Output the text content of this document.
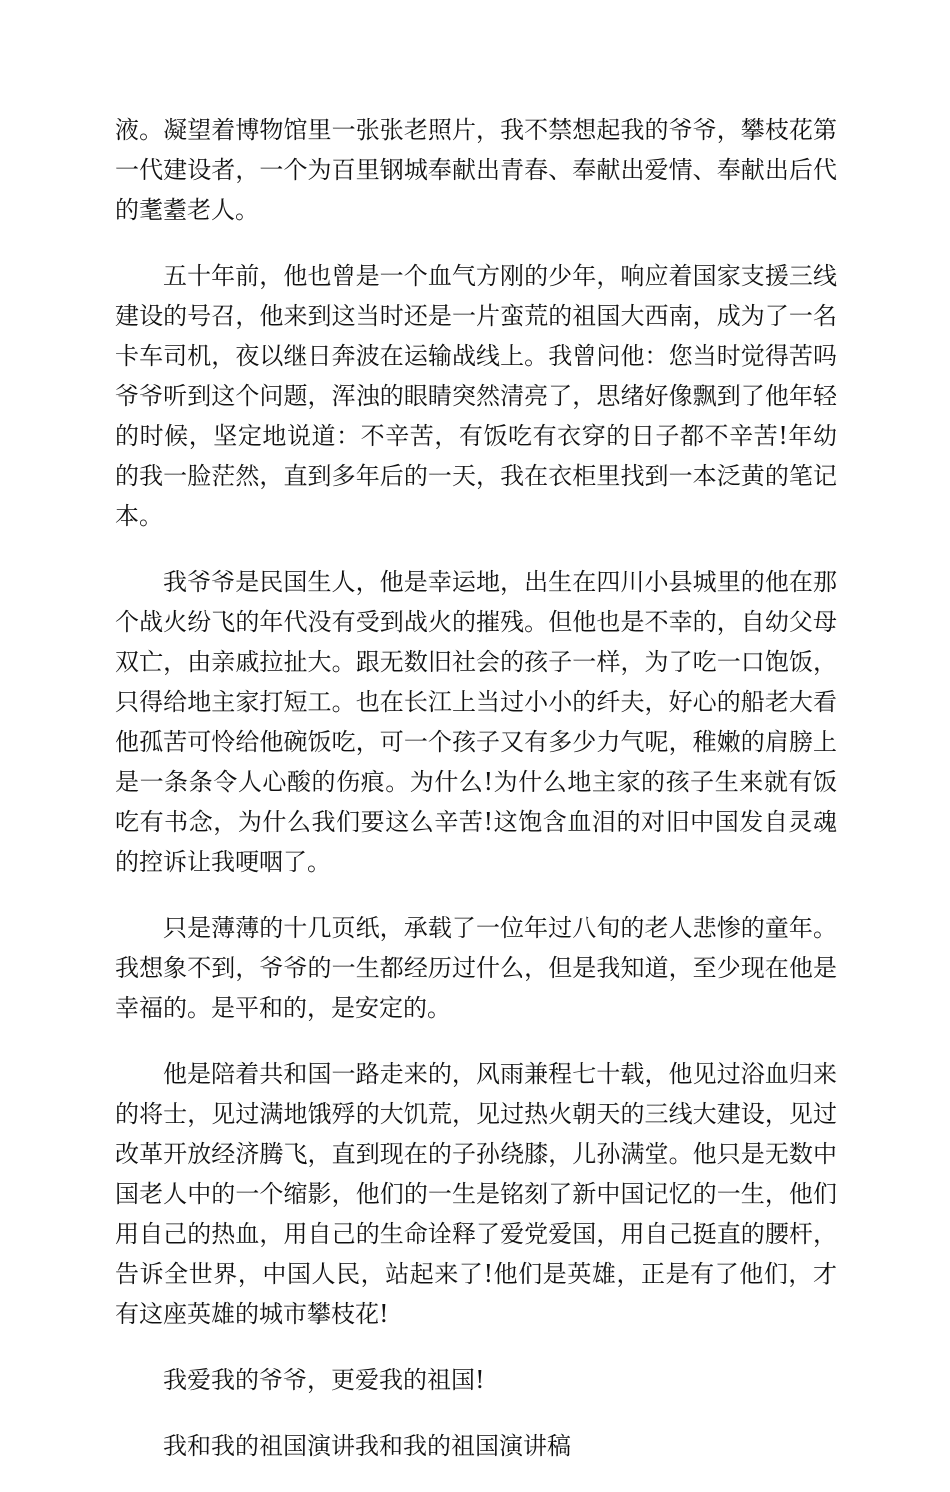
液。凝望着博物馆里一张张老照片，我不禁想起我的爷爷，攀枝花第一代建设者，一个为百里钢城奉献出青春、奉献出爱情、奉献出后代的耄耋老人。

五十年前，他也曾是一个血气方刚的少年，响应着国家支援三线建设的号召，他来到这当时还是一片蛮荒的祖国大西南，成为了一名卡车司机，夜以继日奔波在运输战线上。我曾问他：您当时觉得苦吗爷爷听到这个问题，浑浊的眼睛突然清亮了，思绪好像飘到了他年轻的时候，坚定地说道：不辛苦，有饭吃有衣穿的日子都不辛苦!年幼的我一脸茫然，直到多年后的一天，我在衣柜里找到一本泛黄的笔记本。

我爷爷是民国生人，他是幸运地，出生在四川小县城里的他在那个战火纷飞的年代没有受到战火的摧残。但他也是不幸的，自幼父母双亡，由亲戚拉扯大。跟无数旧社会的孩子一样，为了吃一口饱饭，只得给地主家打短工。也在长江上当过小小的纤夫，好心的船老大看他孤苦可怜给他碗饭吃，可一个孩子又有多少力气呢，稚嫩的肩膀上是一条条令人心酸的伤痕。为什么!为什么地主家的孩子生来就有饭吃有书念，为什么我们要这么辛苦!这饱含血泪的对旧中国发自灵魂的控诉让我哽咽了。

只是薄薄的十几页纸，承载了一位年过八旬的老人悲惨的童年。我想象不到，爷爷的一生都经历过什么，但是我知道，至少现在他是幸福的。是平和的，是安定的。

他是陪着共和国一路走来的，风雨兼程七十载，他见过浴血归来的将士，见过满地饿殍的大饥荒，见过热火朝天的三线大建设，见过改革开放经济腾飞，直到现在的子孙绕膝，儿孙满堂。他只是无数中国老人中的一个缩影，他们的一生是铭刻了新中国记忆的一生，他们用自己的热血，用自己的生命诠释了爱党爱国，用自己挺直的腰杆，告诉全世界，中国人民，站起来了!他们是英雄，正是有了他们，才有这座英雄的城市攀枝花!

我爱我的爷爷，更爱我的祖国!

我和我的祖国演讲我和我的祖国演讲稿
